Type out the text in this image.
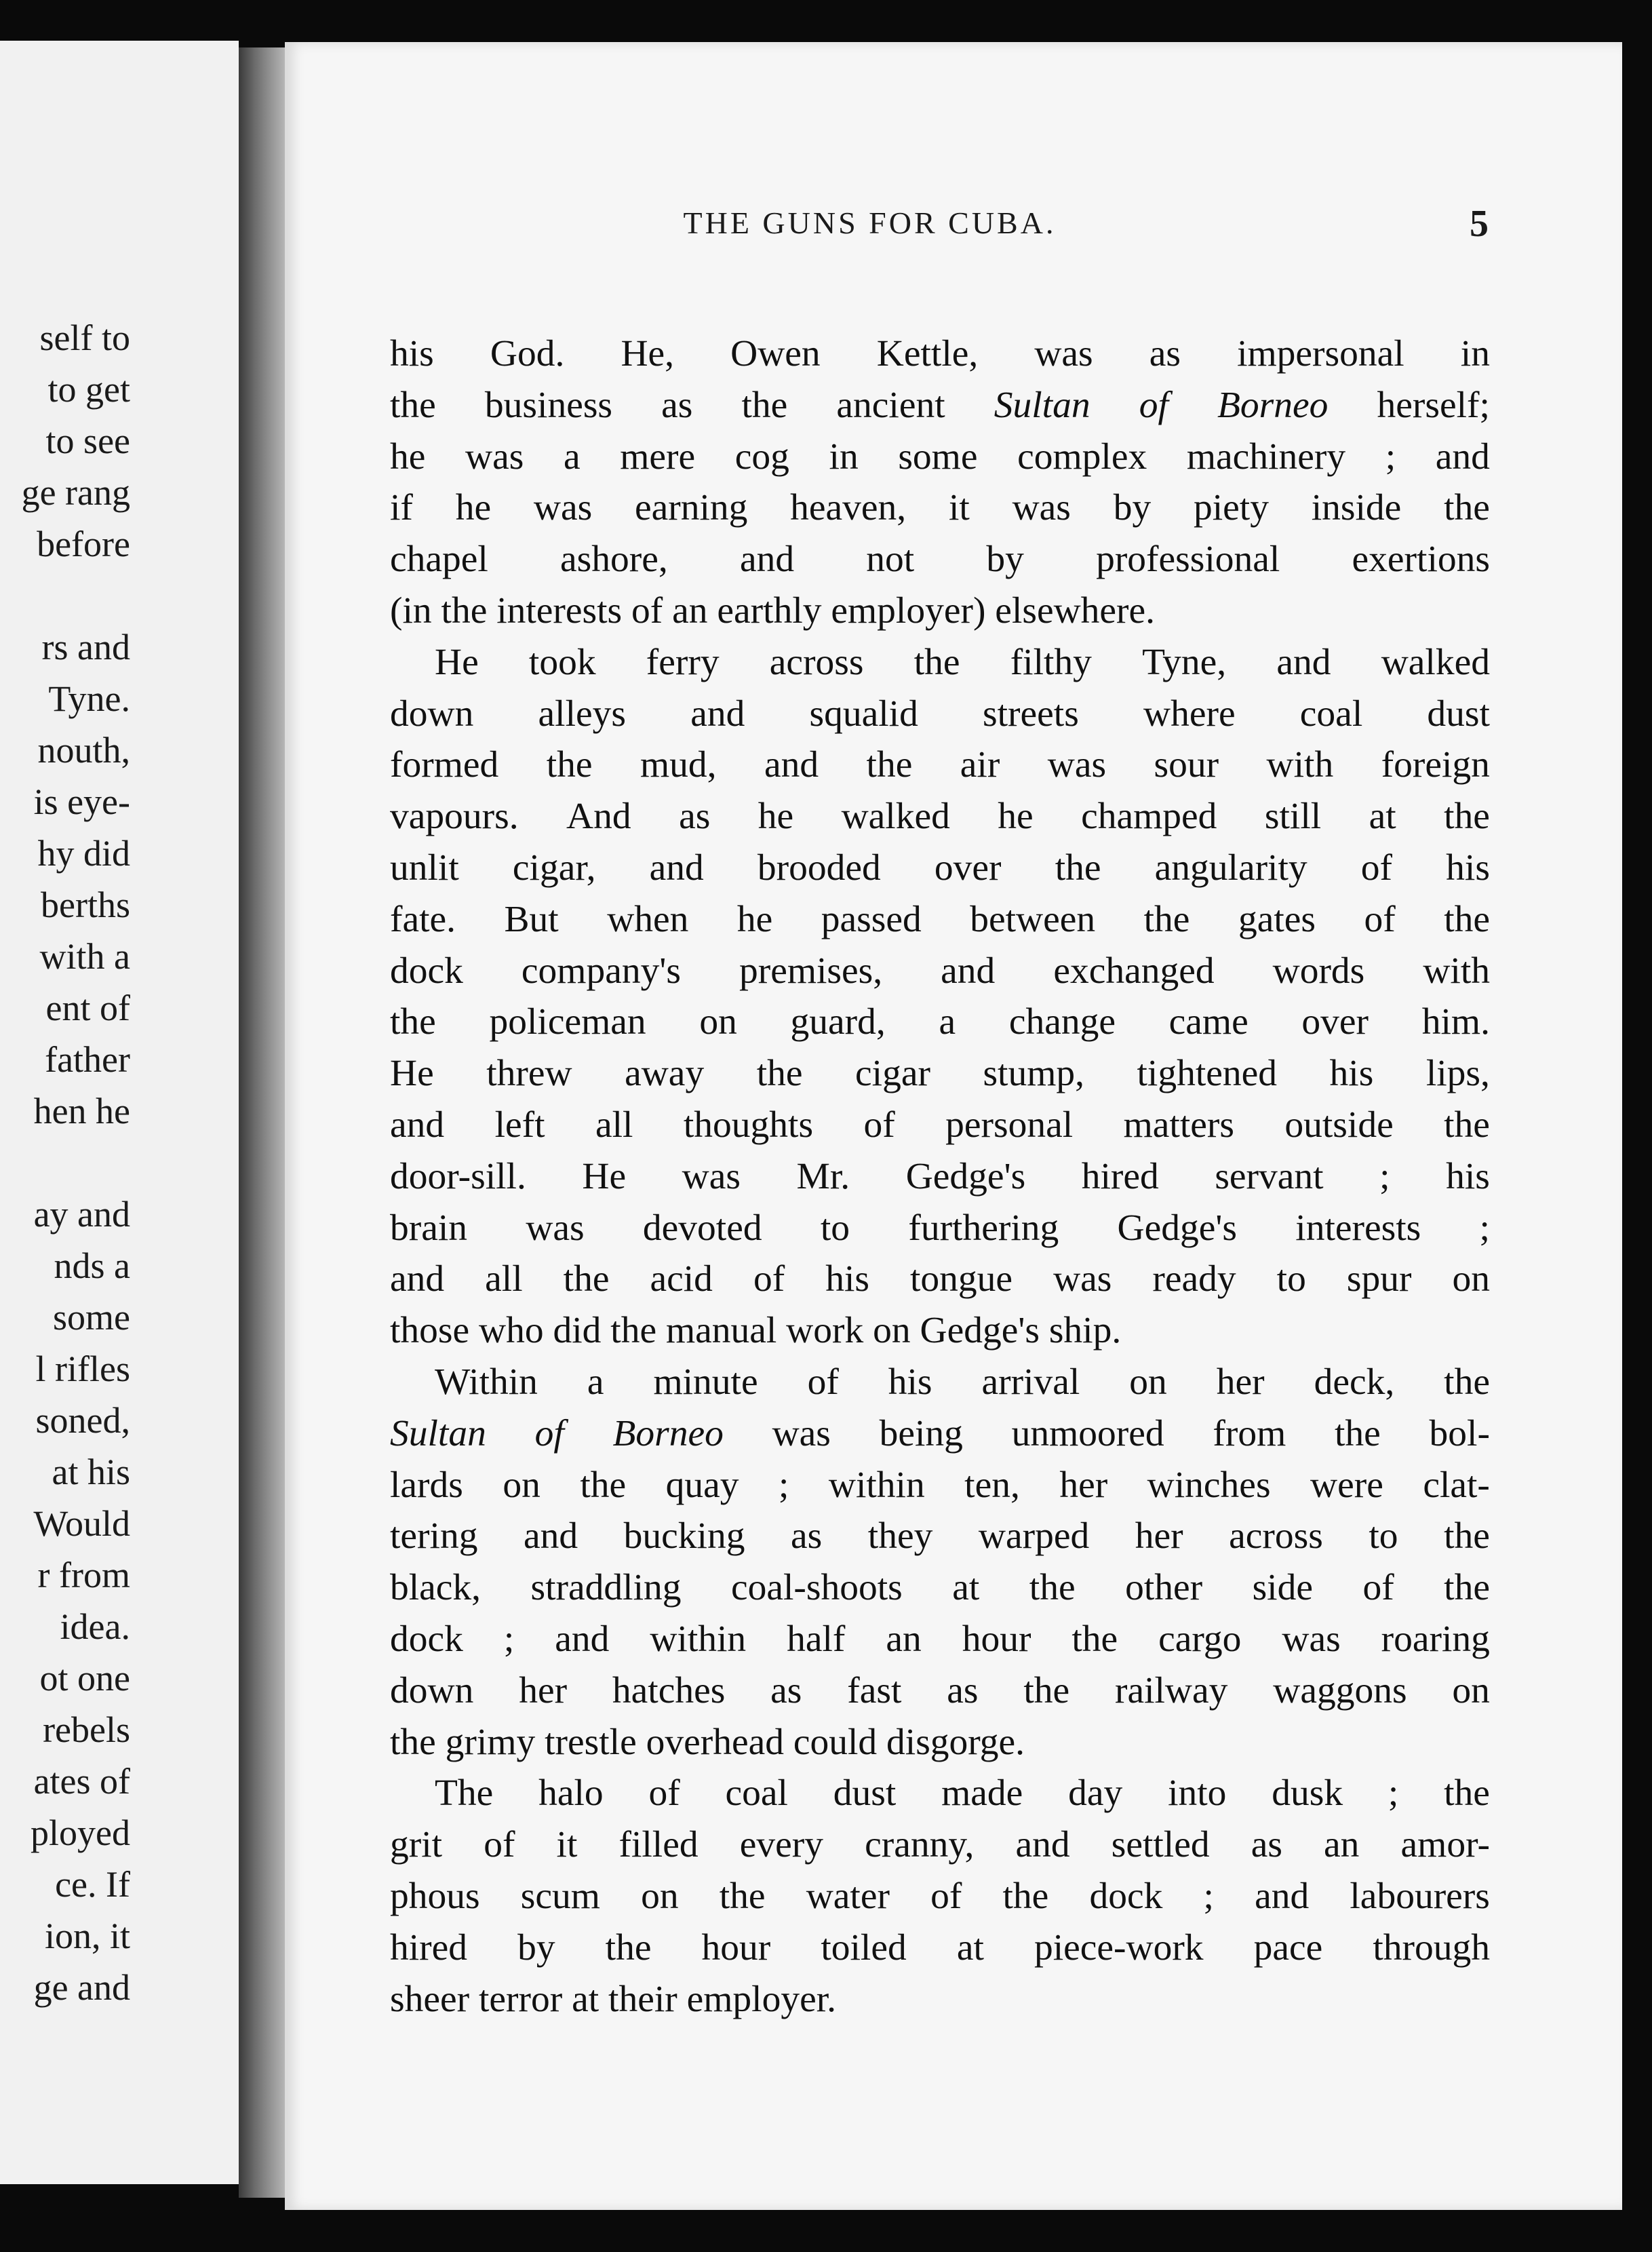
self to
to get
to see
ge rang
before
rs and
Tyne.
nouth,
is eye-
hy did
berths
with a
ent of
father
hen he
ay and
nds a
some
l rifles
soned,
at his
Would
r from
idea.
ot one
rebels
ates of
ployed
ce. If
ion, it
ge and
THE GUNS FOR CUBA.	5
his God. He, Owen Kettle, was as impersonal in
the business as the ancient Sultan of Borneo herself;
he was a mere cog in some complex machinery ; and
if he was earning heaven, it was by piety inside the
chapel ashore, and not by professional exertions
(in the interests of an earthly employer) elsewhere.
He took ferry across the filthy Tyne, and walked
down alleys and squalid streets where coal dust
formed the mud, and the air was sour with foreign
vapours. And as he walked he champed still at the
unlit cigar, and brooded over the angularity of his
fate. But when he passed between the gates of the
dock company's premises, and exchanged words with
the policeman on guard, a change came over him.
He threw away the cigar stump, tightened his lips,
and left all thoughts of personal matters outside the
door-sill. He was Mr. Gedge's hired servant ; his
brain was devoted to furthering Gedge's interests ;
and all the acid of his tongue was ready to spur on
those who did the manual work on Gedge's ship.
Within a minute of his arrival on her deck, the
Sultan of Borneo was being unmoored from the bol-
lards on the quay ; within ten, her winches were clat-
tering and bucking as they warped her across to the
black, straddling coal-shoots at the other side of the
dock ; and within half an hour the cargo was roaring
down her hatches as fast as the railway waggons on
the grimy trestle overhead could disgorge.
The halo of coal dust made day into dusk ; the
grit of it filled every cranny, and settled as an amor-
phous scum on the water of the dock ; and labourers
hired by the hour toiled at piece-work pace through
sheer terror at their employer.
